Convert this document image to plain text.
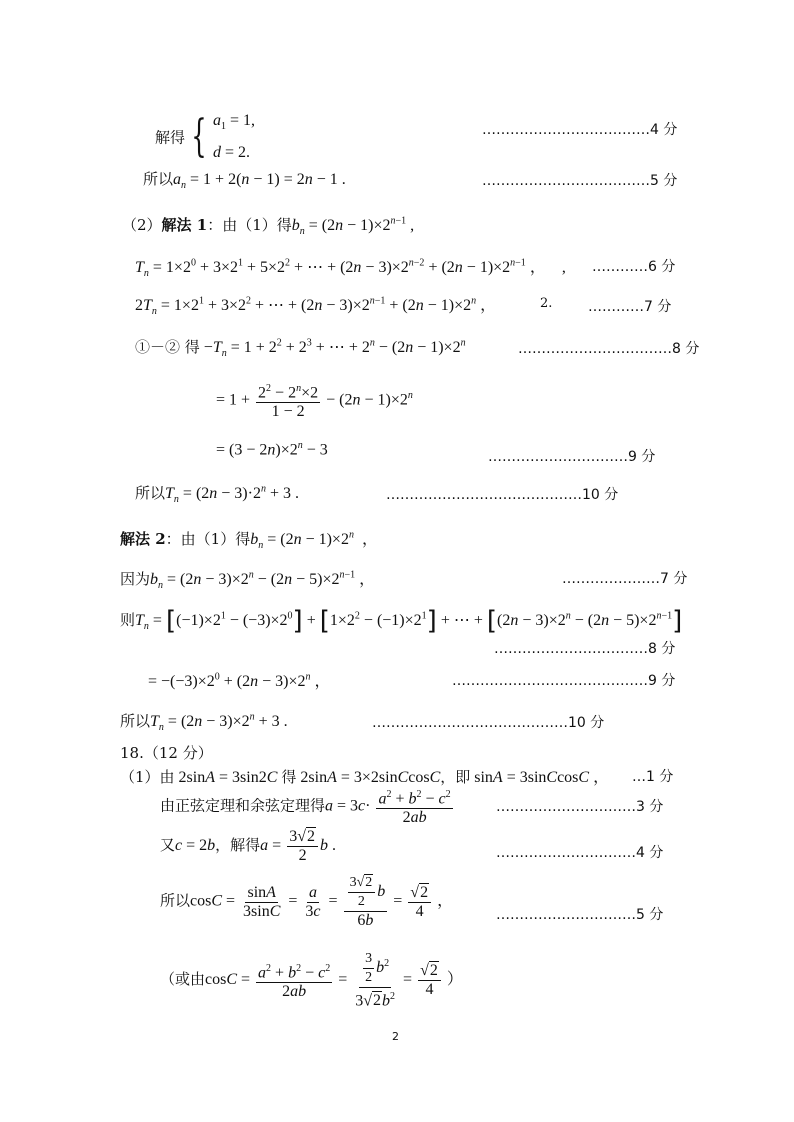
解得 { $a_1 = 1$,
d = 2.
………………………………4 分
所以$a_n = 1 + 2(n - 1) = 2n - 1$ .	………………………………5 分
（2）解法 1：由（1）得$b_n = (2n - 1)\times 2^{n-1}$ ,
$T_n = 1\times 2^0 + 3\times 2^1 + 5\times 2^2$ + ⋯ + $(2n - 3)\times 2^{n-2} + (2n - 1)\times 2^{n-1}$ ，    , …………6 分
$2T_n = 1\times 2^1 + 3\times 2^2$ + ⋯ + $(2n - 3)\times 2^{n-1} + (2n - 1)\times 2^n$ ，	2.	…………7 分
①－② 得 $-T_n = 1 + 2^2 + 2^3$ + ⋯ + $2^n - (2n - 1)\times 2^n$	……………………………8 分
= $1 + \frac{2^2 - 2^n\times 2}{1 - 2} - (2n - 1)\times 2^n$
= $(3 - 2n)\times 2^n - 3$	…………………………9 分
所以$T_n = (2n - 3)\cdot 2^n + 3$ .	……………………………………10 分
解法 2：由（1）得$b_n = (2n - 1)\times 2^n$  ，
因为$b_n = (2n - 3)\times 2^n - (2n - 5)\times 2^{n-1}$ ，	…………………7 分
则$T_n = [(-1)\times 2^1 - (-3)\times 2^0] + [1\times 2^2 - (-1)\times 2^1]$ + ⋯ + $[(2n - 3)\times 2^n - (2n - 5)\times 2^{n-1}]$
……………………………8 分
= $-(-3)\times 2^0 + (2n - 3)\times 2^n$ ，	……………………………………9 分
所以$T_n = (2n - 3)\times 2^n + 3$ .	……………………………………10 分
18.（12 分）
（1）由 2sinA = 3sin2C 得 2sinA = 3×2sinCcosC，即 sinA = 3sinCcosC ， …1 分
由正弦定理和余弦定理得$a = 3c\cdot \frac{a^2 + b^2 - c^2}{2ab}$	…………………………3 分
又c = 2b，解得$a = \frac{3√2}{2}$ b .	…………………………4 分
所以$\cos C = \frac{\sin A}{3\sin C} = \frac{a}{3c} = \frac{\frac{3√2}{2} b}{6b} = \frac{√2}{4}$ ，
…………………………5 分
（或由$\cos C = \frac{a^2 + b^2 - c^2}{2ab} = \frac{\frac{3}{2} b^2}{3√2b^2} = \frac{√2}{4}$ ）
2
